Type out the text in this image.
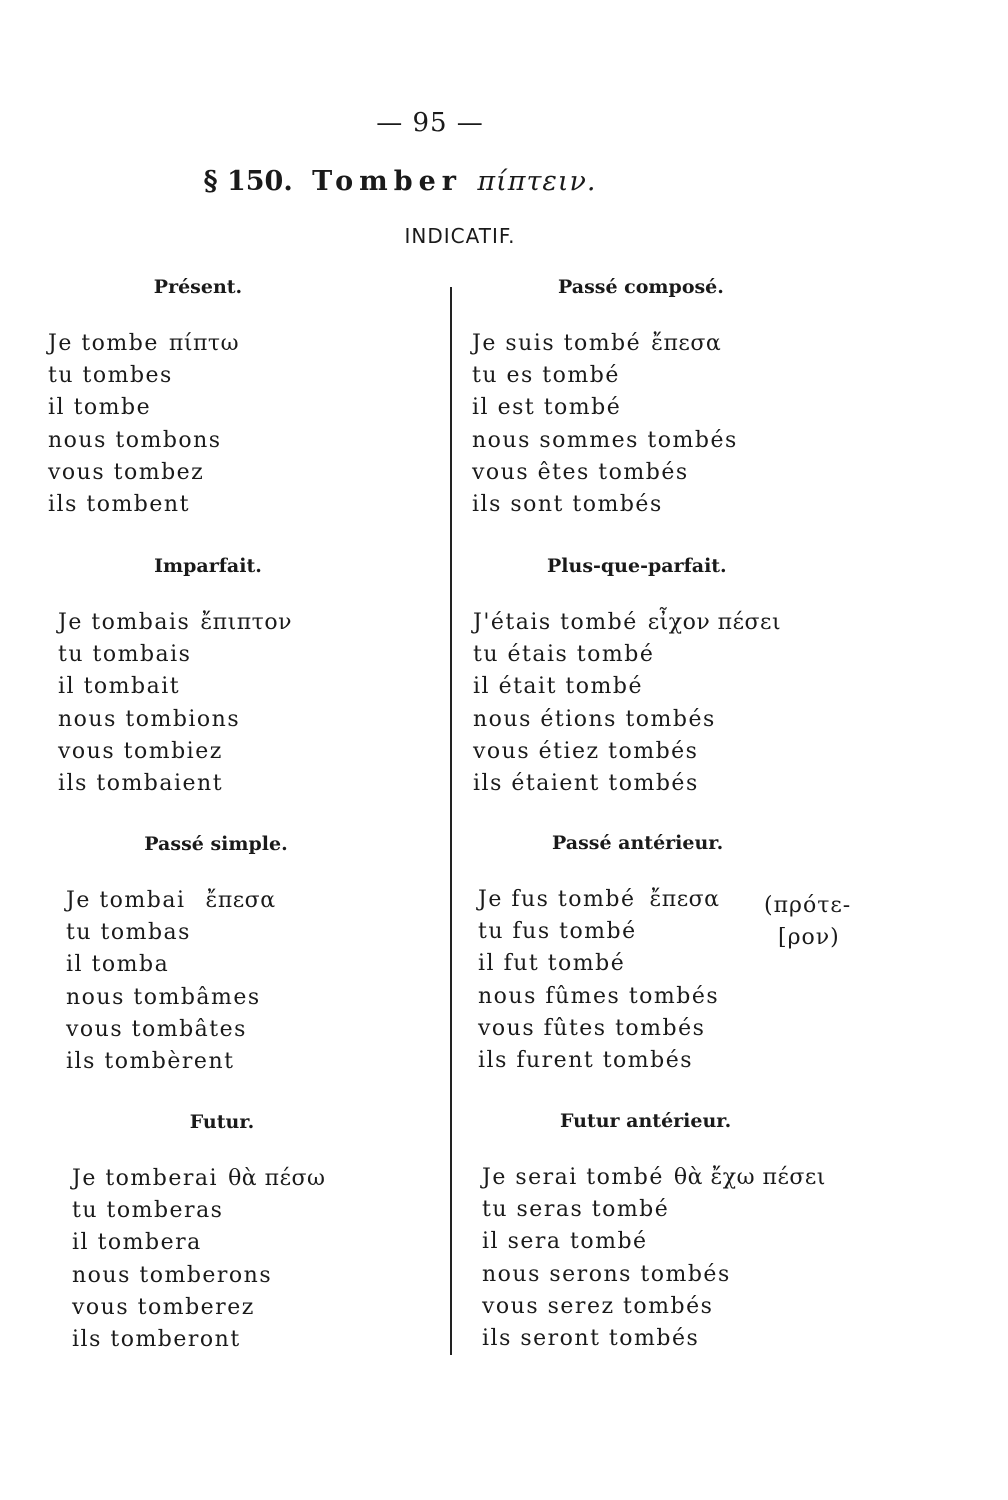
— 95 —
§ 150. Tomber πίπτειν.
INDICATIF.
Présent.
Je tombe πίπτω
tu tombes
il tombe
nous tombons
vous tombez
ils tombent
Imparfait.
Je tombais ἔπιπτον
tu tombais
il tombait
nous tombions
vous tombiez
ils tombaient
Passé simple.
Je tombai ἔπεσα
tu tombas
il tomba
nous tombâmes
vous tombâtes
ils tombèrent
Futur.
Je tomberai θὰ πέσω
tu tomberas
il tombera
nous tomberons
vous tomberez
ils tomberont
Passé composé.
Je suis tombé ἔπεσα
tu es tombé
il est tombé
nous sommes tombés
vous êtes tombés
ils sont tombés
Plus-que-parfait.
J'étais tombé εἶχον πέσει
tu étais tombé
il était tombé
nous étions tombés
vous étiez tombés
ils étaient tombés
Passé antérieur.
Je fus tombé ἔπεσα
tu fus tombé
il fut tombé
nous fûmes tombés
vous fûtes tombés
ils furent tombés
(πρότε-
[ρον)
Futur antérieur.
Je serai tombé θὰ ἔχω πέσει
tu seras tombé
il sera tombé
nous serons tombés
vous serez tombés
ils seront tombés
